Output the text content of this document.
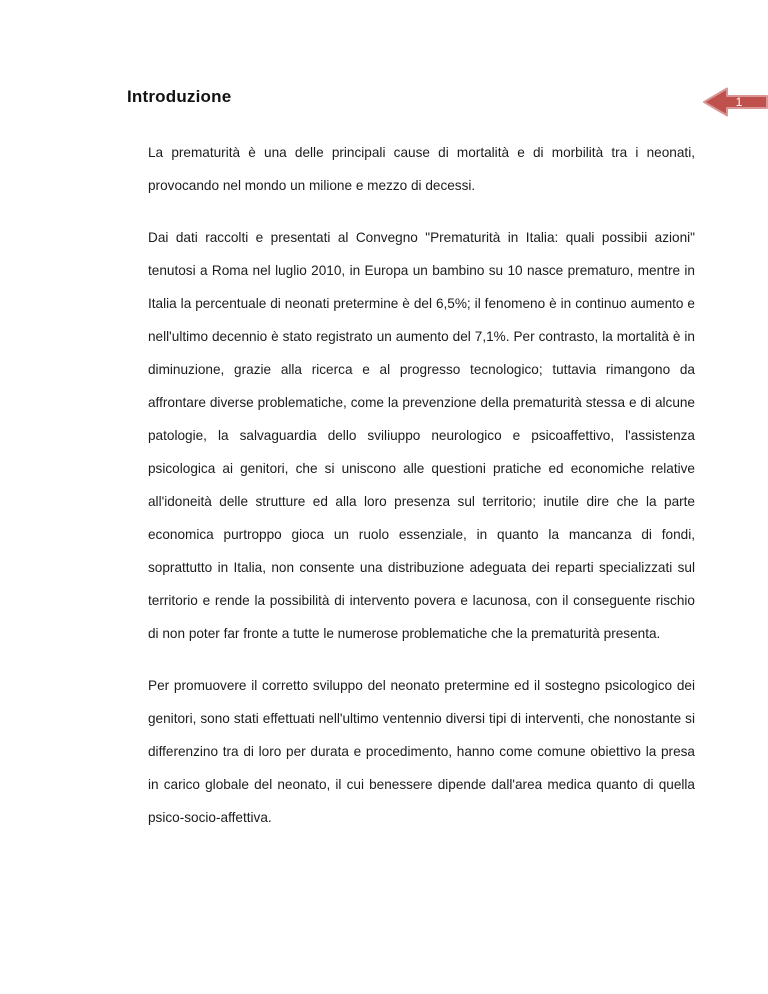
Introduzione	1

La prematurità è una delle principali cause di mortalità e di morbilità tra i neonati, provocando nel mondo un milione e mezzo di decessi.

Dai dati raccolti e presentati al Convegno "Prematurità in Italia: quali possibii azioni" tenutosi a Roma nel luglio 2010, in Europa un bambino su 10 nasce prematuro, mentre in Italia la percentuale di neonati pretermine è del 6,5%; il fenomeno è in continuo aumento e nell'ultimo decennio è stato registrato un aumento del 7,1%. Per contrasto, la mortalità è in diminuzione, grazie alla ricerca e al progresso tecnologico; tuttavia rimangono da affrontare diverse problematiche, come la prevenzione della prematurità stessa e di alcune patologie, la salvaguardia dello sviliuppo neurologico e psicoaffettivo, l'assistenza psicologica ai genitori, che si uniscono alle questioni pratiche ed economiche relative all'idoneità delle strutture ed alla loro presenza sul territorio; inutile dire che la parte economica purtroppo gioca un ruolo essenziale, in quanto la mancanza di fondi, soprattutto in Italia, non consente una distribuzione adeguata dei reparti specializzati sul territorio e rende la possibilità di intervento povera e lacunosa, con il conseguente rischio di non poter far fronte a tutte le numerose problematiche che la prematurità presenta.

Per promuovere il corretto sviluppo del neonato pretermine ed il sostegno psicologico dei genitori, sono stati effettuati nell'ultimo ventennio diversi tipi di interventi, che nonostante si differenzino tra di loro per durata e procedimento, hanno come comune obiettivo la presa in carico globale del neonato, il cui benessere dipende dall'area medica quanto di quella psico-socio-affettiva.
